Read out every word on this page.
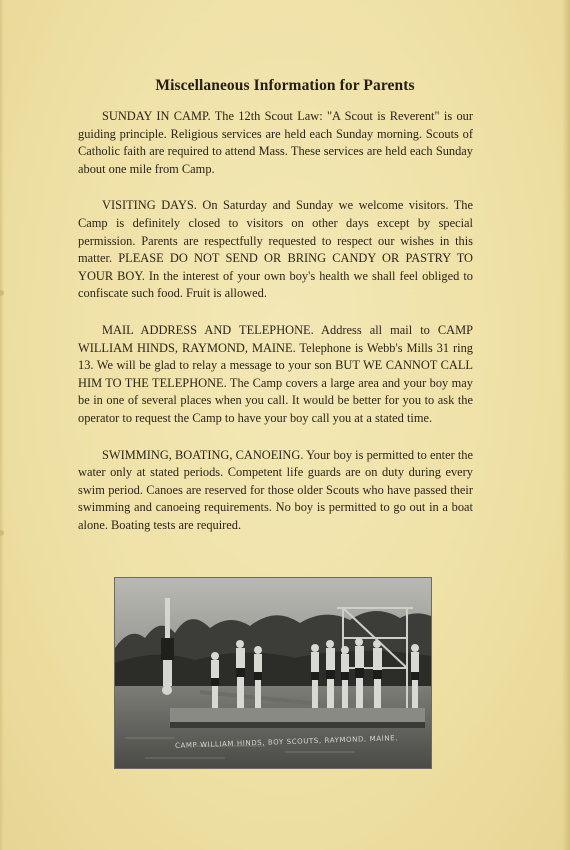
Miscellaneous Information for Parents

SUNDAY IN CAMP. The 12th Scout Law: "A Scout is Reverent" is our guiding principle. Religious services are held each Sunday morning. Scouts of Catholic faith are required to attend Mass. These services are held each Sunday about one mile from Camp.

VISITING DAYS. On Saturday and Sunday we welcome visitors. The Camp is definitely closed to visitors on other days except by special permission. Parents are respectfully requested to respect our wishes in this matter. PLEASE DO NOT SEND OR BRING CANDY OR PASTRY TO YOUR BOY. In the interest of your own boy's health we shall feel obliged to confiscate such food. Fruit is allowed.

MAIL ADDRESS AND TELEPHONE. Address all mail to CAMP WILLIAM HINDS, RAYMOND, MAINE. Telephone is Webb's Mills 31 ring 13. We will be glad to relay a message to your son BUT WE CANNOT CALL HIM TO THE TELEPHONE. The Camp covers a large area and your boy may be in one of several places when you call. It would be better for you to ask the operator to request the Camp to have your boy call you at a stated time.

SWIMMING, BOATING, CANOEING. Your boy is permitted to enter the water only at stated periods. Competent life guards are on duty during every swim period. Canoes are reserved for those older Scouts who have passed their swimming and canoeing requirements. No boy is permitted to go out in a boat alone. Boating tests are required.

CAMP WILLIAM HINDS, BOY SCOUTS, RAYMOND, MAINE.
